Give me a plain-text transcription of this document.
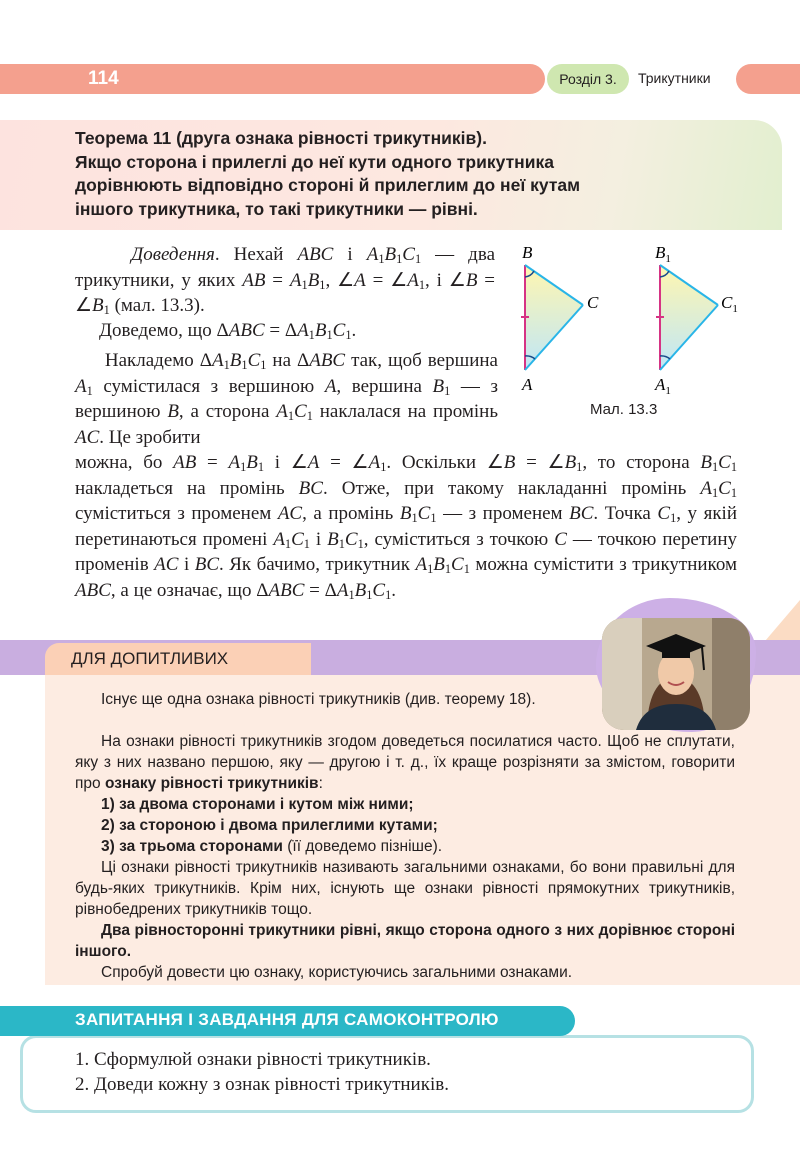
114	Розділ 3.	Трикутники
Теорема 11 (друга ознака рівності трикутників).
Якщо сторона і прилеглі до неї кути одного трикутника
дорівнюють відповідно стороні й прилеглим до неї кутам
іншого трикутника, то такі трикутники — рівні.
Доведення. Нехай ABC і $A_1B_1C_1$ — два трикутники, у яких AB = $A_1B_1$, ∠A = $\angle A_1$, і ∠B = $\angle B_1$ (мал. 13.3).
Доведемо, що $\Delta ABC = \Delta A_1B_1C_1$.
Накладемо $\Delta A_1B_1C_1$ на ΔABC так, щоб вершина $A_1$ сумістилася з вершиною A, вершина $B_1$ — з вершиною B, а сторона $A_1C_1$ наклалася на промінь AC. Це зробити
можна, бо AB = $A_1B_1$ і ∠A = $\angle A_1$. Оскільки ∠B = $\angle B_1$, то сторона $B_1C_1$ накладеться на промінь BC. Отже, при такому накладанні промінь $A_1C_1$ суміститься з променем AC, а промінь $B_1C_1$ — з променем BC. Точка $C_1$, у якій перетинаються промені $A_1C_1$ і $B_1C_1$, суміститься з точкою C — точкою перетину променів AC і BC. Як бачимо, трикутник $A_1B_1C_1$ можна сумістити з трикутником ABC, а це означає, що $\Delta ABC = \Delta A_1B_1C_1$.
B
C
A
$B_1$
$C_1$
$A_1$
Мал. 13.3
ДЛЯ ДОПИТЛИВИХ
Існує ще одна ознака рівності трикутників (див. теорему 18).
На ознаки рівності трикутників згодом доведеться посилатися часто. Щоб не сплутати, яку з них названо першою, яку — другою і т. д., їх краще розрізняти за змістом, говорити про ознаку рівності трикутників:
1) за двома сторонами і кутом між ними;
2) за стороною і двома прилеглими кутами;
3) за трьома сторонами (її доведемо пізніше).
Ці ознаки рівності трикутників називають загальними ознаками, бо вони правильні для будь-яких трикутників. Крім них, існують ще ознаки рівності прямокутних трикутників, рівнобедрених трикутників тощо.
Два рівносторонні трикутники рівні, якщо сторона одного з них дорівнює стороні іншого.
Спробуй довести цю ознаку, користуючись загальними ознаками.
ЗАПИТАННЯ І ЗАВДАННЯ ДЛЯ САМОКОНТРОЛЮ
1. Сформулюй ознаки рівності трикутників.
2. Доведи кожну з ознак рівності трикутників.
